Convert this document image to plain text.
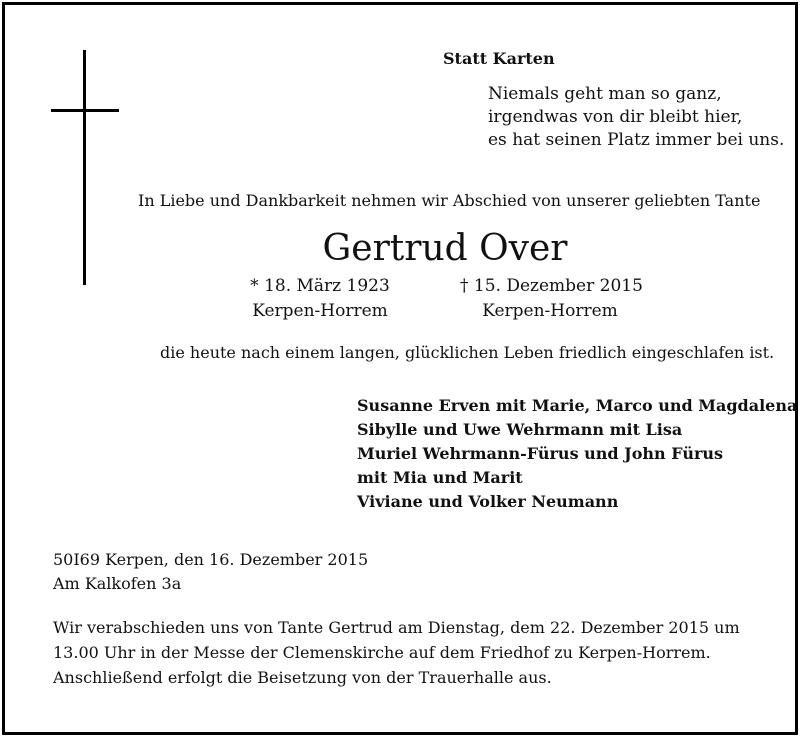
Statt Karten
Niemals geht man so ganz,
irgendwas von dir bleibt hier,
es hat seinen Platz immer bei uns.
In Liebe und Dankbarkeit nehmen wir Abschied von unserer geliebten Tante
Gertrud Over
* 18. März 1923
Kerpen-Horrem
† 15. Dezember 2015
Kerpen-Horrem
die heute nach einem langen, glücklichen Leben friedlich eingeschlafen ist.
Susanne Erven mit Marie, Marco und Magdalena
Sibylle und Uwe Wehrmann mit Lisa
Muriel Wehrmann-Fürus und John Fürus
mit Mia und Marit
Viviane und Volker Neumann
50I69 Kerpen, den 16. Dezember 2015
Am Kalkofen 3a
Wir verabschieden uns von Tante Gertrud am Dienstag, dem 22. Dezember 2015 um
13.00 Uhr in der Messe der Clemenskirche auf dem Friedhof zu Kerpen-Horrem.
Anschließend erfolgt die Beisetzung von der Trauerhalle aus.
